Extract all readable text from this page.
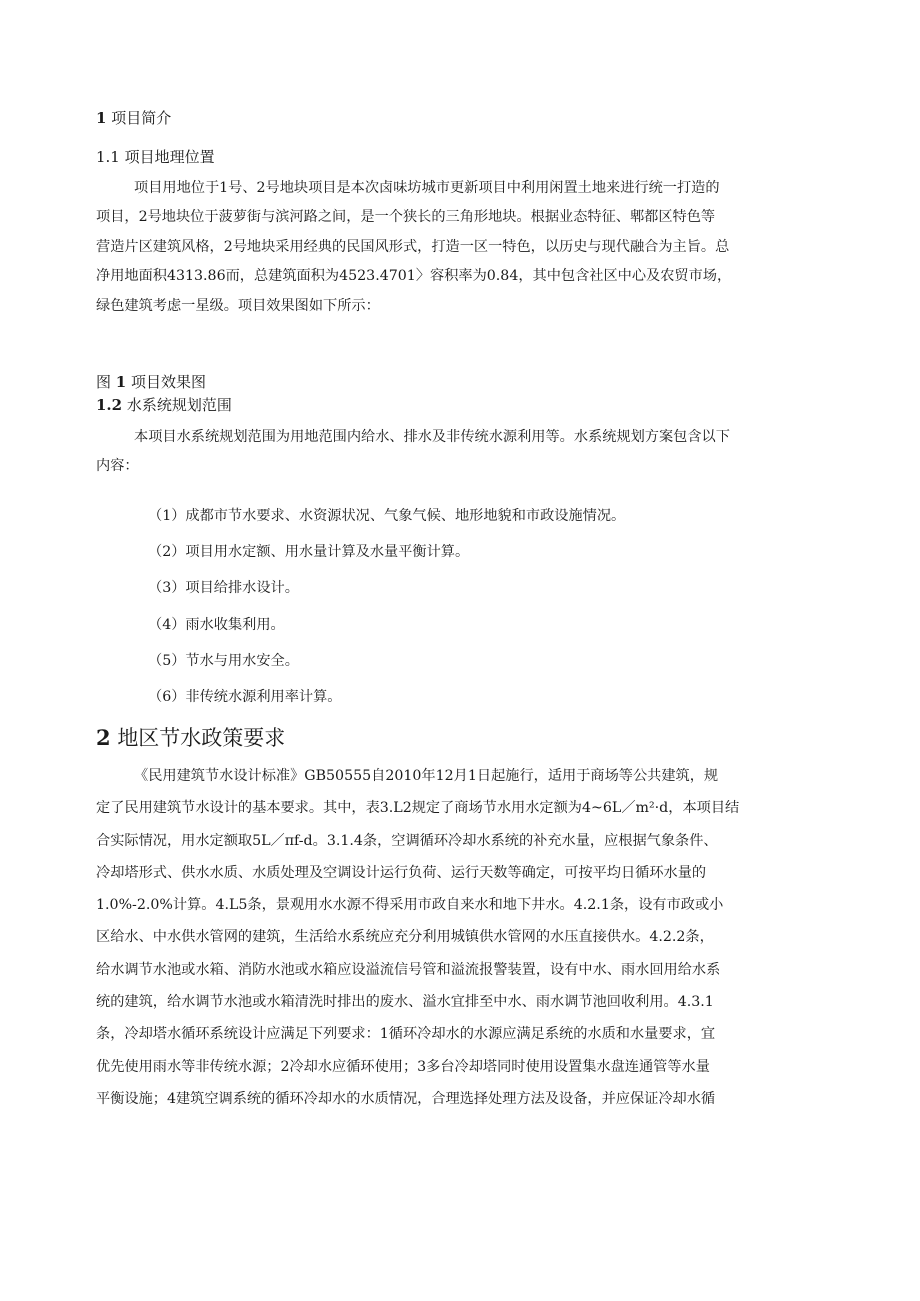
1 项目简介
1.1 项目地理位置
项目用地位于1号、2号地块项目是本次卤味坊城市更新项目中利用闲置土地来进行统一打造的
项目，2号地块位于菠萝街与滨河路之间，是一个狭长的三角形地块。根据业态特征、郫都区特色等
营造片区建筑风格，2号地块采用经典的民国风形式，打造一区一特色，以历史与现代融合为主旨。总
净用地面积4313.86而，总建筑面积为4523.4701〉容积率为0.84，其中包含社区中心及农贸市场，
绿色建筑考虑一星级。项目效果图如下所示：
图 1 项目效果图
1.2 水系统规划范围
本项目水系统规划范围为用地范围内给水、排水及非传统水源利用等。水系统规划方案包含以下
内容：
（1）成都市节水要求、水资源状况、气象气候、地形地貌和市政设施情况。
（2）项目用水定额、用水量计算及水量平衡计算。
（3）项目给排水设计。
（4）雨水收集利用。
（5）节水与用水安全。
（6）非传统水源利用率计算。
2 地区节水政策要求
《民用建筑节水设计标准》GB50555自2010年12月1日起施行，适用于商场等公共建筑，规
定了民用建筑节水设计的基本要求。其中，表3.L2规定了商场节水用水定额为4~6L／m²·d，本项目结
合实际情况，用水定额取5L／πf-d。3.1.4条，空调循环冷却水系统的补充水量，应根据气象条件、
冷却塔形式、供水水质、水质处理及空调设计运行负荷、运行天数等确定，可按平均日循环水量的
1.0%-2.0%计算。4.L5条，景观用水水源不得采用市政自来水和地下井水。4.2.1条，设有市政或小
区给水、中水供水管网的建筑，生活给水系统应充分利用城镇供水管网的水压直接供水。4.2.2条，
给水调节水池或水箱、消防水池或水箱应设溢流信号管和溢流报警装置，设有中水、雨水回用给水系
统的建筑，给水调节水池或水箱清洗时排出的废水、溢水宜排至中水、雨水调节池回收利用。4.3.1
条，冷却塔水循环系统设计应满足下列要求：1循环冷却水的水源应满足系统的水质和水量要求，宜
优先使用雨水等非传统水源；2冷却水应循环使用；3多台冷却塔同时使用设置集水盘连通管等水量
平衡设施；4建筑空调系统的循环冷却水的水质情况，合理选择处理方法及设备，并应保证冷却水循
